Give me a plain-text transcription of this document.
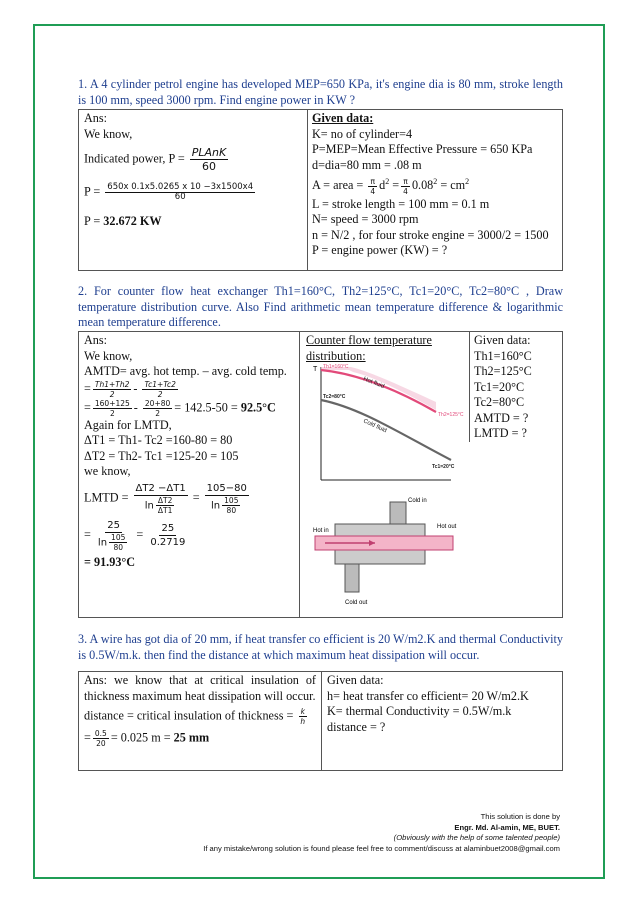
1. A 4 cylinder petrol engine has developed MEP=650 KPa, it's engine dia is 80 mm, stroke length is 100 mm, speed 3000 rpm. Find engine power in KW ?
Ans:
We know,
Indicated power, $P = \frac{\text{PLAnK}}{60}$
$P = \frac{650x 0.1x5.0265 x 10 -3x1500x4}{60}$
P = 32.672 KW
Given data:
K= no of cylinder=4
P=MEP=Mean Effective Pressure = 650 KPa
d=dia=80 mm = .08 m
A = area = $\frac{\pi}{4} d^2 = \frac{\pi}{4} 0.08^2 = cm^2$
L = stroke length = 100 mm = 0.1 m
N= speed = 3000 rpm
n = N/2 , for four stroke engine = 3000/2 = 1500
P = engine power (KW) = ?
2. For counter flow heat exchanger Th1=160°C, Th2=125°C, Tc1=20°C, Tc2=80°C , Draw temperature distribution curve. Also Find arithmetic mean temperature difference & logarithmic mean temperature difference.
Ans:
We know,
AMTD= avg. hot temp. – avg. cold temp.
= $\frac{Th1+Th2}{2} - \frac{Tc1+Tc2}{2}$
= $\frac{160+125}{2} - \frac{20+80}{2} = 142.5-50 = 92.5^\circ C$
Again for LMTD,
ΔT1 = Th1- Tc2 =160-80 = 80
ΔT2 = Th2- Tc1 =125-20 = 105
we know,
LMTD = $\frac{\Delta T2 -\Delta T1}{\ln \frac{\Delta T2}{\Delta T1}} = \frac{105-80}{\ln \frac{105}{80}}$
= $\frac{25}{\ln \frac{105}{80}} = \frac{25}{0.2719}$
= 91.93°C
Counter flow temperature distribution:
T
Hot fluid
Cold fluid
Th1=160°C
Tc2=80°C
Th2=125°C
Tc1=20°C
Cold in
Hot in
Hot out
Cold out
Given data:
Th1=160°C
Th2=125°C
Tc1=20°C
Tc2=80°C
AMTD = ?
LMTD = ?
3. A wire has got dia of 20 mm, if heat transfer co efficient is 20 W/m2.K and thermal Conductivity is 0.5W/m.k. then find the distance at which maximum heat dissipation will occur.
Ans: we know that at critical insulation of thickness maximum heat dissipation will occur.
distance = critical insulation of thickness = $\frac{k}{h}$
= $\frac{0.5}{20} = 0.025$ m = 25 mm
Given data:
h= heat transfer co efficient= 20 W/m2.K
K= thermal Conductivity = 0.5W/m.k
distance = ?
This solution is done by
Engr. Md. Al-amin, ME, BUET.
(Obviously with the help of some talented people)
If any mistake/wrong solution is found please feel free to comment/discuss at alaminbuet2008@gmail.com
